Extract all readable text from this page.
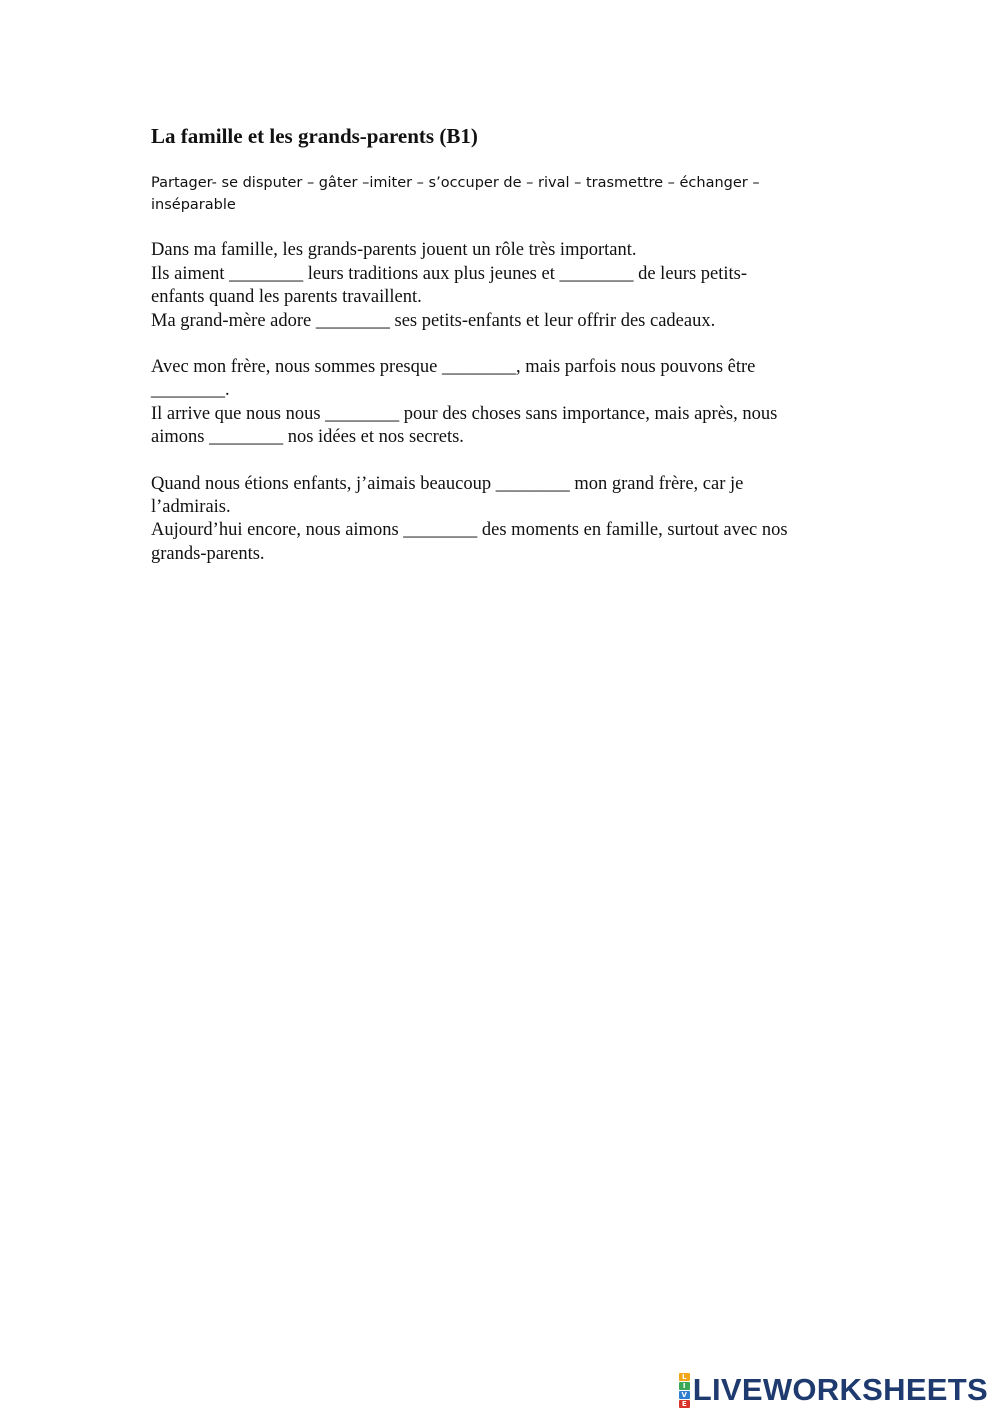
La famille et les grands-parents (B1)

Partager- se disputer – gâter –imiter – s’occuper de – rival – trasmettre – échanger – inséparable

Dans ma famille, les grands-parents jouent un rôle très important.

Ils aiment ________ leurs traditions aux plus jeunes et ________ de leurs petits-

enfants quand les parents travaillent.

Ma grand-mère adore ________ ses petits-enfants et leur offrir des cadeaux.

Avec mon frère, nous sommes presque ________, mais parfois nous pouvons être

________.

Il arrive que nous nous ________ pour des choses sans importance, mais après, nous

aimons ________ nos idées et nos secrets.

Quand nous étions enfants, j’aimais beaucoup ________ mon grand frère, car je

l’admirais.

Aujourd’hui encore, nous aimons ________ des moments en famille, surtout avec nos

grands-parents.

L
I
V
E LIVEWORKSHEETS
